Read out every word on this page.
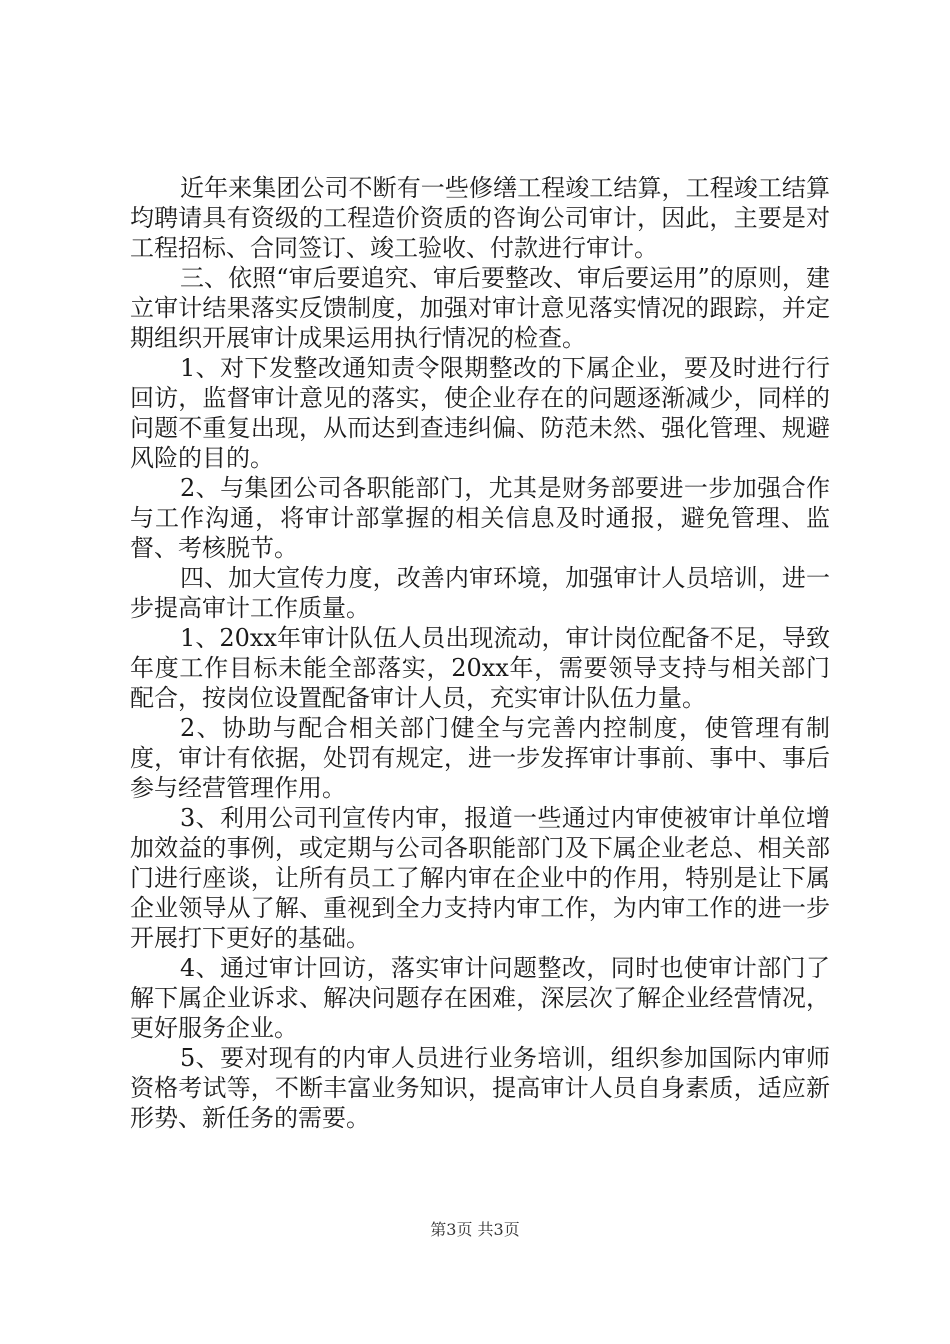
近年来集团公司不断有一些修缮工程竣工结算，工程竣工结算均聘请具有资级的工程造价资质的咨询公司审计，因此，主要是对工程招标、合同签订、竣工验收、付款进行审计。

三、依照“审后要追究、审后要整改、审后要运用”的原则，建立审计结果落实反馈制度，加强对审计意见落实情况的跟踪，并定期组织开展审计成果运用执行情况的检查。

1、对下发整改通知责令限期整改的下属企业，要及时进行行回访，监督审计意见的落实，使企业存在的问题逐渐减少，同样的问题不重复出现，从而达到查违纠偏、防范未然、强化管理、规避风险的目的。

2、与集团公司各职能部门，尤其是财务部要进一步加强合作与工作沟通，将审计部掌握的相关信息及时通报，避免管理、监督、考核脱节。

四、加大宣传力度，改善内审环境，加强审计人员培训，进一步提高审计工作质量。

1、20xx年审计队伍人员出现流动，审计岗位配备不足，导致年度工作目标未能全部落实，20xx年，需要领导支持与相关部门配合，按岗位设置配备审计人员，充实审计队伍力量。

2、协助与配合相关部门健全与完善内控制度，使管理有制度，审计有依据，处罚有规定，进一步发挥审计事前、事中、事后参与经营管理作用。

3、利用公司刊宣传内审，报道一些通过内审使被审计单位增加效益的事例，或定期与公司各职能部门及下属企业老总、相关部门进行座谈，让所有员工了解内审在企业中的作用，特别是让下属企业领导从了解、重视到全力支持内审工作，为内审工作的进一步开展打下更好的基础。

4、通过审计回访，落实审计问题整改，同时也使审计部门了解下属企业诉求、解决问题存在困难，深层次了解企业经营情况，更好服务企业。

5、要对现有的内审人员进行业务培训，组织参加国际内审师资格考试等，不断丰富业务知识，提高审计人员自身素质，适应新形势、新任务的需要。

第3页 共3页
